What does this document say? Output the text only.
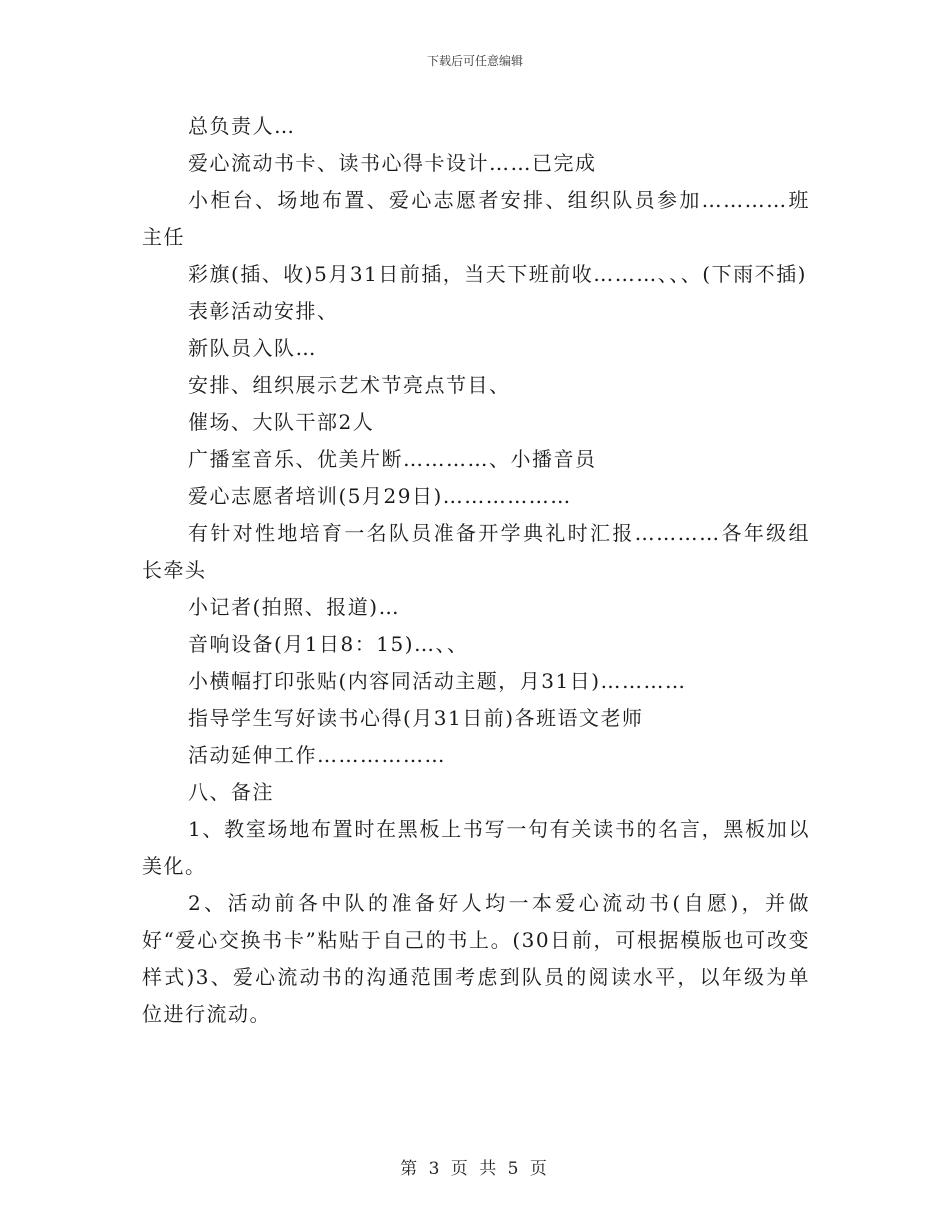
下载后可任意编辑

总负责人…

爱心流动书卡、读书心得卡设计……已完成

小柜台、场地布置、爱心志愿者安排、组织队员参加…………班主任

彩旗(插、收)5月31日前插，当天下班前收………、、、(下雨不插)

表彰活动安排、

新队员入队…

安排、组织展示艺术节亮点节目、

催场、大队干部2人

广播室音乐、优美片断…………、小播音员

爱心志愿者培训(5月29日)………………

有针对性地培育一名队员准备开学典礼时汇报…………各年级组长牵头

小记者(拍照、报道)…

音响设备(月1日8：15)…、、

小横幅打印张贴(内容同活动主题，月31日)…………

指导学生写好读书心得(月31日前)各班语文老师

活动延伸工作………………

八、备注

1、教室场地布置时在黑板上书写一句有关读书的名言，黑板加以美化。

2、活动前各中队的准备好人均一本爱心流动书(自愿)，并做好“爱心交换书卡”粘贴于自己的书上。(30日前，可根据模版也可改变样式)3、爱心流动书的沟通范围考虑到队员的阅读水平，以年级为单位进行流动。

第 3 页 共 5 页
